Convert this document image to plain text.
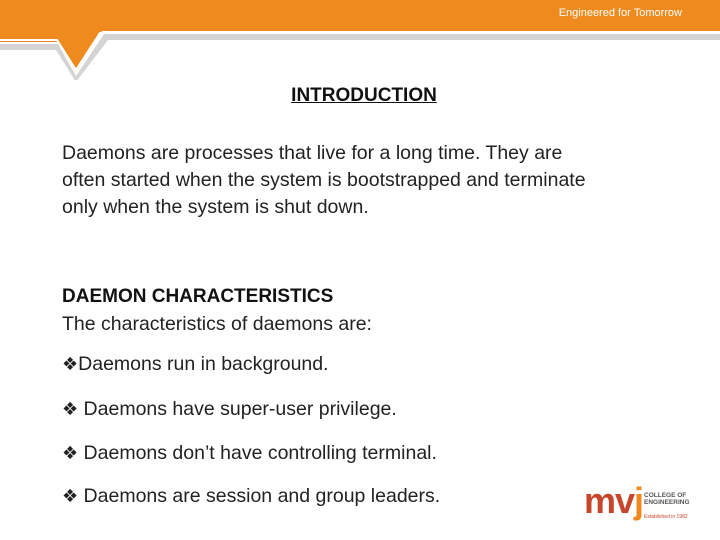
Engineered for Tomorrow
INTRODUCTION
Daemons are processes that live for a long time. They are
often started when the system is bootstrapped and terminate
only when the system is shut down.
DAEMON CHARACTERISTICS
The characteristics of daemons are:
❖Daemons run in background.
❖ Daemons have super-user privilege.
❖ Daemons don’t have controlling terminal.
❖ Daemons are session and group leaders.	mvj COLLEGE OF
ENGINEERING
Established in 1982
